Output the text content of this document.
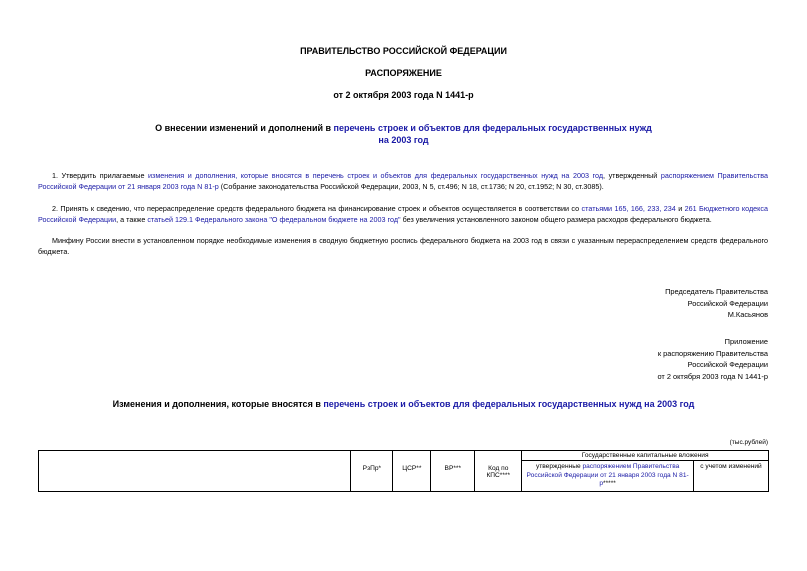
ПРАВИТЕЛЬСТВО РОССИЙСКОЙ ФЕДЕРАЦИИ
РАСПОРЯЖЕНИЕ
от 2 октября 2003 года N 1441-р
О внесении изменений и дополнений в перечень строек и объектов для федеральных государственных нужд
на 2003 год
1. Утвердить прилагаемые изменения и дополнения, которые вносятся в перечень строек и объектов для федеральных государственных нужд на 2003 год, утвержденный распоряжением Правительства Российской Федерации от 21 января 2003 года N 81-р (Собрание законодательства Российской Федерации, 2003, N 5, ст.496; N 18, ст.1736; N 20, ст.1952; N 30, ст.3085).
2. Принять к сведению, что перераспределение средств федерального бюджета на финансирование строек и объектов осуществляется в соответствии со статьями 165, 166, 233, 234 и 261 Бюджетного кодекса Российской Федерации, а также статьей 129.1 Федерального закона "О федеральном бюджете на 2003 год" без увеличения установленного законом общего размера расходов федерального бюджета.
Минфину России внести в установленном порядке необходимые изменения в сводную бюджетную роспись федерального бюджета на 2003 год в связи с указанным перераспределением средств федерального бюджета.
Председатель Правительства
Российской Федерации
М.Касьянов
Приложение
к распоряжению Правительства
Российской Федерации
от 2 октября 2003 года N 1441-р
Изменения и дополнения, которые вносятся в перечень строек и объектов для федеральных государственных нужд на 2003 год
(тыс.рублей)
	РзПр*	ЦСР**	ВР***	Код по КПС****	Государственные капитальные вложения	
					утвержденные распоряжением Правительства Российской Федерации от 21 января 2003 года N 81-р*****	с учетом изменений
